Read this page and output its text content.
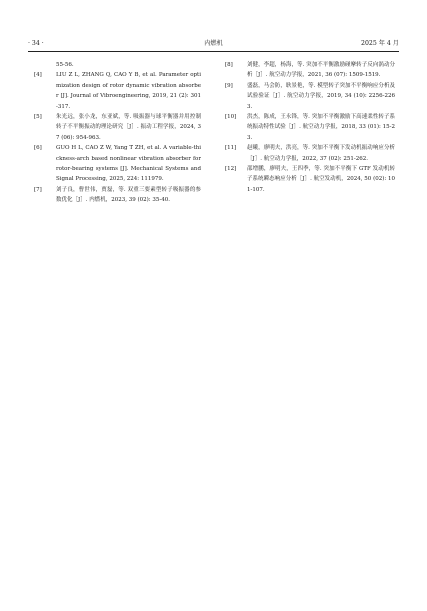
· 34 ·	内燃机	2025 年 4 月

55-56.

[4]	LIU Z L, ZHANG Q, CAO Y B, et al. Parameter optimization design of rotor dynamic vibration absorber [J]. Journal of Vibroengineering, 2019, 21 (2): 301-317.

[5]	朱光远，张小龙，东亚斌，等. 吸振器与球平衡器并用控制转子不平衡振动的理论研究［J］. 振动工程学报，2024, 37 (06): 954-963.

[6]	GUO H L, CAO Z W, Yang T ZH, et al. A variable-thickness-arch based nonlinear vibration absorber for rotor-bearing systems [J]. Mechanical Systems and Signal Processing, 2025, 224: 111979.

[7]	刘子良，曹世伟，贾磊，等. 双重三要素型转子吸振器的参数优化［J］. 内燃机，2023, 39 (02): 35-40.

[8]	刘健，李超，杨海，等. 突加不平衡激励碰摩转子反向涡动分析［J］. 航空动力学报，2021, 36 (07): 1509-1519.

[9]	盛磊，马会防，耿景艳，等. 模型转子突加不平衡响应分析及试验验证［J］. 航空动力学报，2019, 34 (10): 2256-2263.

[10]	洪杰，陈成，王永锋，等. 突加不平衡激励下高速柔性转子系统振动特性试验［J］. 航空动力学报，2018, 33 (01): 15-23.

[11]	赵曦，廖明夫，洪亮，等. 突加不平衡下发动机振动响应分析［J］. 航空动力学报，2022, 37 (02): 251-262.

[12]	邵增鹏，廖明夫，王四季，等. 突加不平衡下 GTF 发动机转子系统瞬态响应分析［J］. 航空发动机，2024, 50 (02): 101-107.
